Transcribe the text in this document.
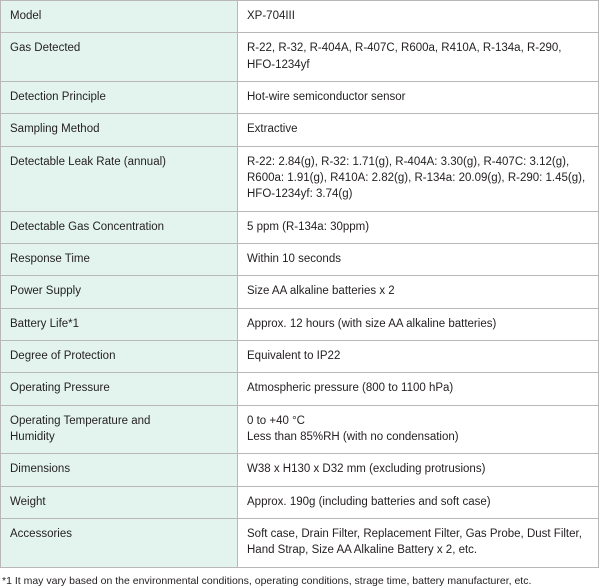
Model	XP-704III

Gas Detected	R-22, R-32, R-404A, R-407C, R600a, R410A, R-134a, R-290,
HFO-1234yf

Detection Principle	Hot-wire semiconductor sensor

Sampling Method	Extractive

Detectable Leak Rate (annual)	R-22: 2.84(g), R-32: 1.71(g), R-404A: 3.30(g), R-407C: 3.12(g),
R600a: 1.91(g), R410A: 2.82(g), R-134a: 20.09(g), R-290: 1.45(g),
HFO-1234yf: 3.74(g)

Detectable Gas Concentration	5 ppm (R-134a: 30ppm)

Response Time	Within 10 seconds

Power Supply	Size AA alkaline batteries x 2

Battery Life*1	Approx. 12 hours (with size AA alkaline batteries)

Degree of Protection	Equivalent to IP22

Operating Pressure	Atmospheric pressure (800 to 1100 hPa)

Operating Temperature and
Humidity	0 to +40 °C
Less than 85%RH (with no condensation)

Dimensions	W38 x H130 x D32 mm (excluding protrusions)

Weight	Approx. 190g (including batteries and soft case)

Accessories	Soft case, Drain Filter, Replacement Filter, Gas Probe, Dust Filter,
Hand Strap, Size AA Alkaline Battery x 2, etc.
*1 It may vary based on the environmental conditions, operating conditions, strage time, battery manufacturer, etc.
